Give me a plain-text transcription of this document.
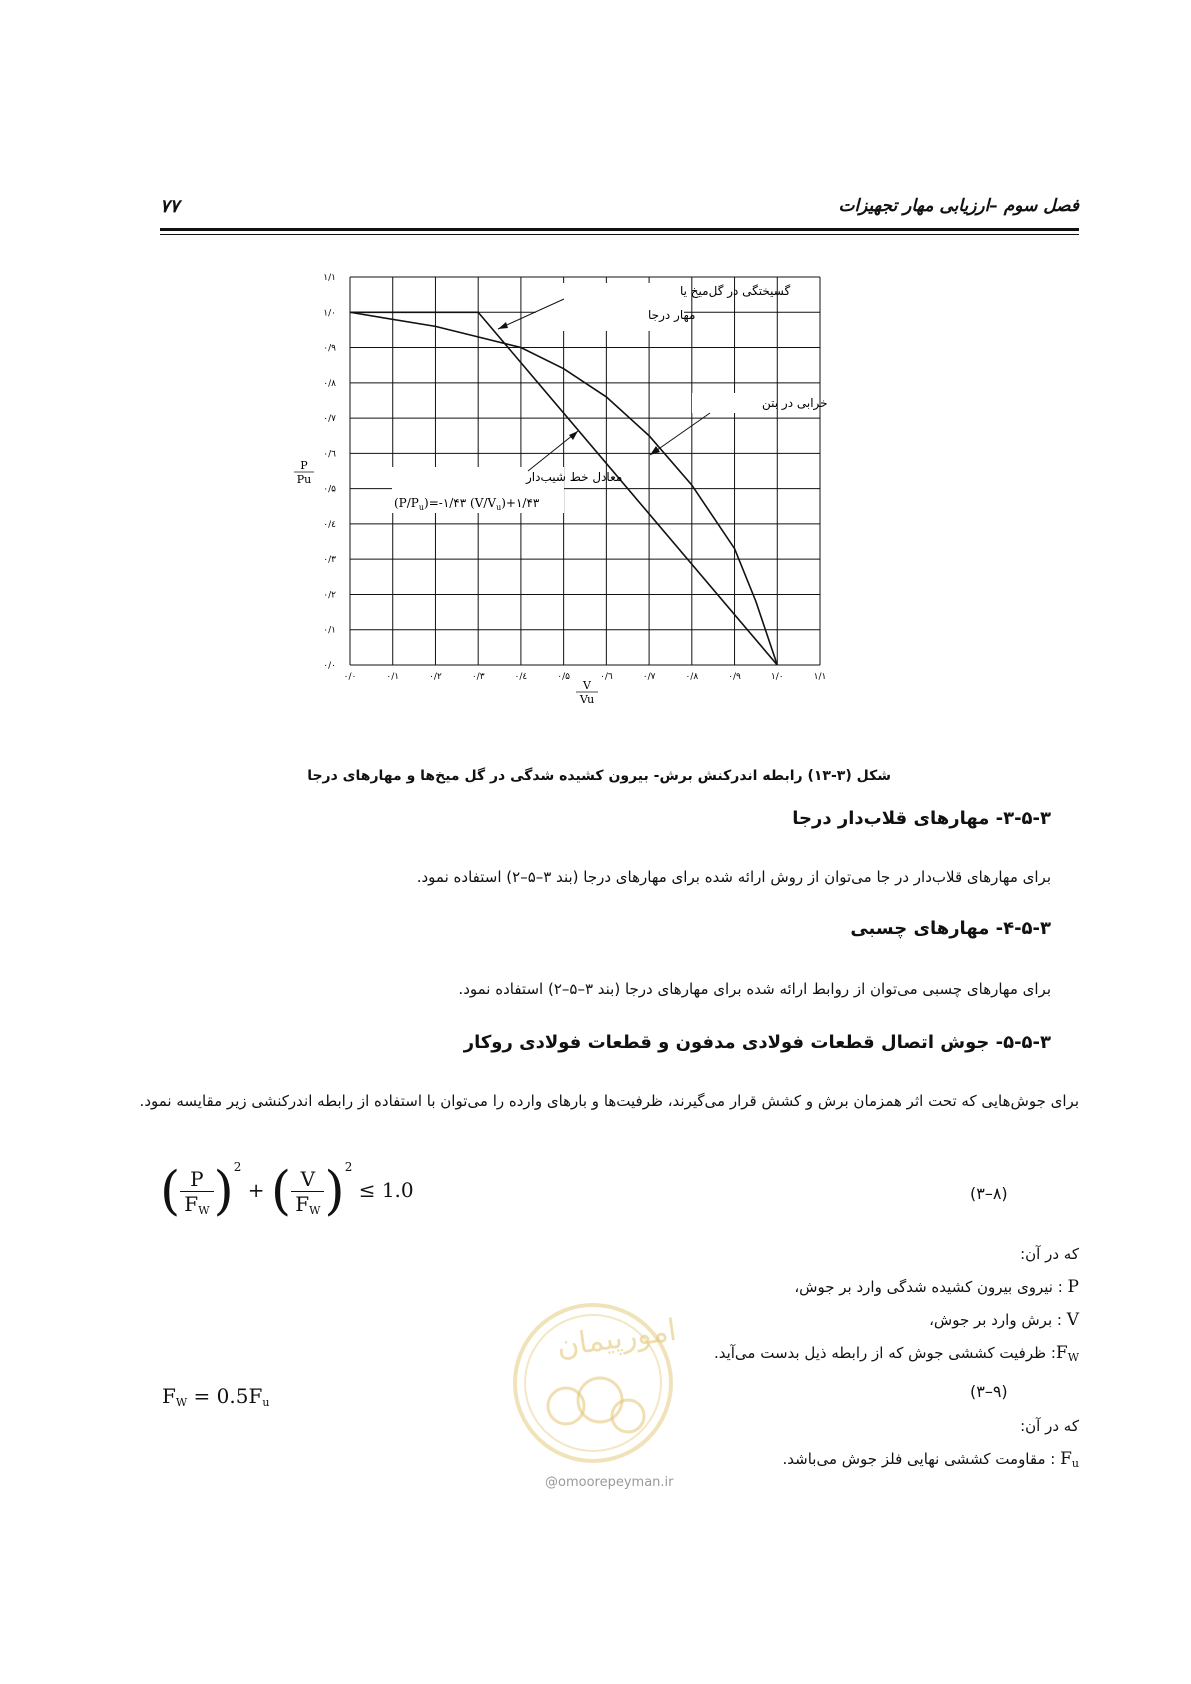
فصل سوم –ارزیابی مهار تجهیزات
۷۷
۰/۰	۰/۱	۰/۲	۰/۳	۰/٤	۰/۵	۰/٦	۰/۷	۰/۸	۰/۹	۱/۰	۱/۱
۰/۰
۰/۱
۰/۲
۰/۳
۰/٤
۰/۵
۰/٦
۰/۷
۰/۸
۰/۹
۱/۰
۱/۱
P
Pu
V
Vu
گسیختگی در گل‌میخ یا
مهار درجا
خرابی در بتن
معادل خط شیب‌دار
$(P/P_u)=-۱/۴۳$ $(V/V_u)+۱/۴۳$
شکل (۳-۱۳) رابطه اندرکنش برش- بیرون کشیده شدگی در گل میخ‌ها و مهارهای درجا
۳-۵-۳- مهارهای قلاب‌دار درجا
برای مهارهای قلاب‌دار در جا می‌توان از روش ارائه شده برای مهارهای درجا (بند ۳–۵–۲) استفاده نمود.
۴-۵-۳- مهارهای چسبی
برای مهارهای چسبی می‌توان از روابط ارائه شده برای مهارهای درجا (بند ۳–۵–۲) استفاده نمود.
۵-۵-۳- جوش اتصال قطعات فولادی مدفون و قطعات فولادی روکار
برای جوش‌هایی که تحت اثر همزمان برش و کشش قرار می‌گیرند، ظرفیت‌ها و بارهای وارده را می‌توان با استفاده از رابطه اندرکنشی زیر مقایسه نمود.
( $\frac{P}{F_W} )^2$ + ( $\frac{V}{F_W} )^2 \le 1.0$	(۳–۸)
که در آن:
P : نیروی بیرون کشیده شدگی وارد بر جوش،
V : برش وارد بر جوش،
$F_W$: ظرفیت کششی جوش که از رابطه ذیل بدست می‌آید.
$F_W = 0.5F_u$
(۳–۹)
که در آن:
$F_u$ : مقاومت کششی نهایی فلز جوش می‌باشد.
امورپیمان
@omoorepeyman.ir
